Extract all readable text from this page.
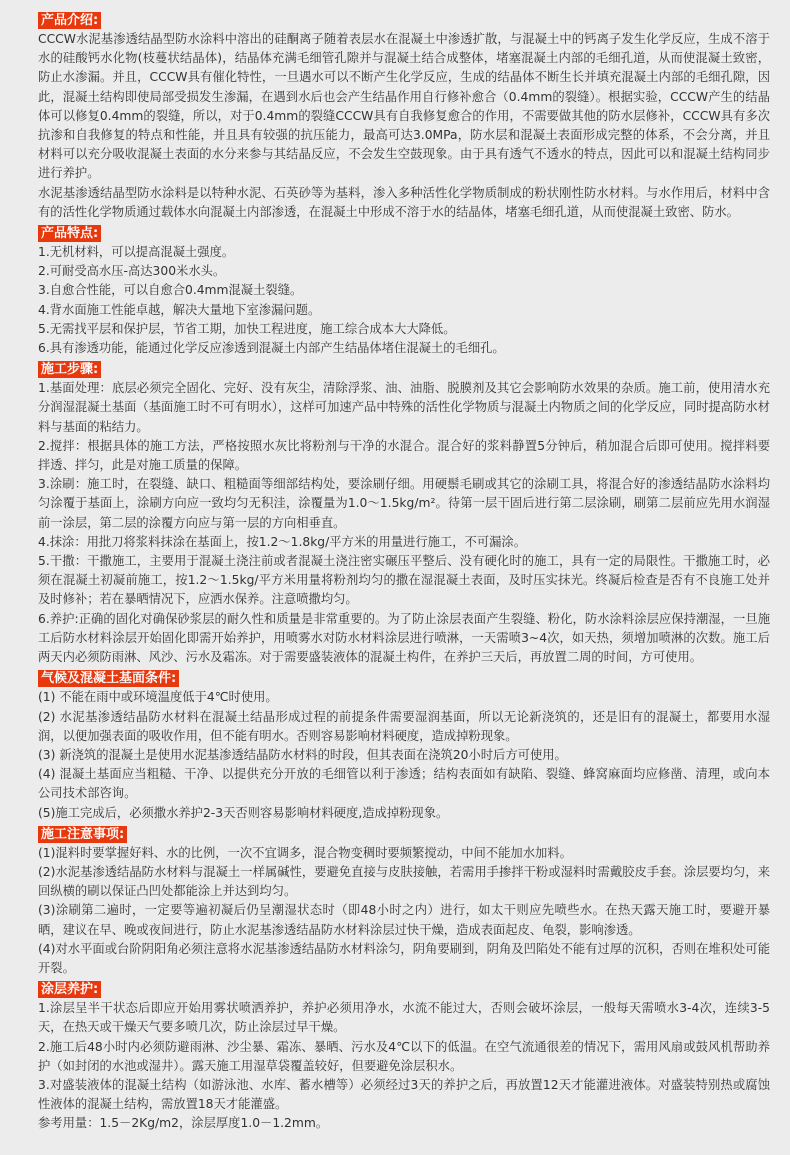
产品介绍:

CCCW水泥基渗透结晶型防水涂料中溶出的硅酮离子随着表层水在混凝土中渗透扩散，与混凝土中的钙离子发生化学反应，生成不溶于水的硅酸钙水化物(枝蔓状结晶体)，结晶体充满毛细管孔隙并与混凝土结合成整体，堵塞混凝土内部的毛细孔道，从而使混凝土致密，防止水渗漏。并且，CCCW具有催化特性，一旦遇水可以不断产生化学反应，生成的结晶体不断生长并填充混凝土内部的毛细孔隙，因此，混凝土结构即使局部受损发生渗漏，在遇到水后也会产生结晶作用自行修补愈合（0.4mm的裂缝）。根据实验，CCCW产生的结晶体可以修复0.4mm的裂缝，所以，对于0.4mm的裂缝CCCW具有自我修复愈合的作用，不需要做其他的防水层修补，CCCW具有多次抗渗和自我修复的特点和性能，并且具有较强的抗压能力，最高可达3.0MPa，防水层和混凝土表面形成完整的体系，不会分离，并且材料可以充分吸收混凝土表面的水分来参与其结晶反应，不会发生空鼓现象。由于具有透气不透水的特点，因此可以和混凝土结构同步进行养护。

水泥基渗透结晶型防水涂料是以特种水泥、石英砂等为基料，渗入多种活性化学物质制成的粉状刚性防水材料。与水作用后，材料中含有的活性化学物质通过载体水向混凝土内部渗透，在混凝土中形成不溶于水的结晶体，堵塞毛细孔道，从而使混凝土致密、防水。

产品特点:

1.无机材料，可以提高混凝土强度。

2.可耐受高水压-高达300米水头。

3.自愈合性能，可以自愈合0.4mm混凝土裂缝。

4.背水面施工性能卓越，解决大量地下室渗漏问题。

5.无需找平层和保护层，节省工期，加快工程进度，施工综合成本大大降低。

6.具有渗透功能，能通过化学反应渗透到混凝土内部产生结晶体堵住混凝土的毛细孔。

施工步骤:

1.基面处理：底层必须完全固化、完好、没有灰尘，清除浮浆、油、油脂、脱膜剂及其它会影响防水效果的杂质。施工前，使用清水充分润湿混凝土基面（基面施工时不可有明水），这样可加速产品中特殊的活性化学物质与混凝土内物质之间的化学反应，同时提高防水材料与基面的粘结力。

2.搅拌：根据具体的施工方法，严格按照水灰比将粉剂与干净的水混合。混合好的浆料静置5分钟后，稍加混合后即可使用。搅拌料要拌透、拌匀，此是对施工质量的保障。

3.涂刷：施工时，在裂缝、缺口、粗糙面等细部结构处，要涂刷仔细。用硬鬃毛刷或其它的涂刷工具，将混合好的渗透结晶防水涂料均匀涂覆于基面上，涂刷方向应一致均匀无积洼，涂覆量为1.0～1.5kg/m²。待第一层干固后进行第二层涂刷，刷第二层前应先用水润湿前一涂层，第二层的涂覆方向应与第一层的方向相垂直。

4.抹涂：用批刀将浆料抹涂在基面上，按1.2～1.8kg/平方米的用量进行施工，不可漏涂。

5.干撒：干撒施工，主要用于混凝土浇注前或者混凝土浇注密实碾压平整后、没有硬化时的施工，具有一定的局限性。干撒施工时，必须在混凝土初凝前施工，按1.2～1.5kg/平方米用量将粉剂均匀的撒在湿混凝土表面，及时压实抹光。终凝后检查是否有不良施工处并及时修补；若在暴晒情况下，应洒水保养。注意喷撒均匀。

6.养护:正确的固化对确保砂浆层的耐久性和质量是非常重要的。为了防止涂层表面产生裂缝、粉化，防水涂料涂层应保持潮湿，一旦施工后防水材料涂层开始固化即需开始养护，用喷雾水对防水材料涂层进行喷淋，一天需喷3~4次，如天热，须增加喷淋的次数。施工后两天内必须防雨淋、风沙、污水及霜冻。对于需要盛装液体的混凝土构件，在养护三天后，再放置二周的时间，方可使用。

气候及混凝土基面条件:

(1) 不能在雨中或环境温度低于4℃时使用。

(2) 水泥基渗透结晶防水材料在混凝土结晶形成过程的前提条件需要湿润基面，所以无论新浇筑的，还是旧有的混凝土，都要用水湿润，以便加强表面的吸收作用，但不能有明水。否则容易影响材料硬度，造成掉粉现象。

(3) 新浇筑的混凝土是使用水泥基渗透结晶防水材料的时段，但其表面在浇筑20小时后方可使用。

(4) 混凝土基面应当粗糙、干净、以提供充分开放的毛细管以利于渗透；结构表面如有缺陷、裂缝、蜂窝麻面均应修凿、清理，或向本公司技术部咨询。

(5)施工完成后，必须撒水养护2-3天否则容易影响材料硬度,造成掉粉现象。

施工注意事项:

(1)混料时要掌握好料、水的比例，一次不宜调多，混合物变稠时要频繁搅动，中间不能加水加料。

(2)水泥基渗透结晶防水材料与混凝土一样属碱性，要避免直接与皮肤接触，若需用手掺拌干粉或湿料时需戴胶皮手套。涂层要均匀，来回纵横的刷以保证凸凹处都能涂上并达到均匀。

(3)涂刷第二遍时，一定要等遍初凝后仍呈潮湿状态时（即48小时之内）进行，如太干则应先喷些水。在热天露天施工时，要避开暴晒，建议在早、晚或夜间进行，防止水泥基渗透结晶防水材料涂层过快干燥，造成表面起皮、龟裂，影响渗透。

(4)对水平面或台阶阴阳角必须注意将水泥基渗透结晶防水材料涂匀，阴角要刷到，阴角及凹陷处不能有过厚的沉积，否则在堆积处可能开裂。

涂层养护:

1.涂层呈半干状态后即应开始用雾状喷洒养护，养护必须用净水，水流不能过大，否则会破坏涂层，一般每天需喷水3-4次，连续3-5天，在热天或干燥天气要多喷几次，防止涂层过早干燥。

2.施工后48小时内必须防避雨淋、沙尘暴、霜冻、暴晒、污水及4℃以下的低温。在空气流通很差的情况下，需用风扇或鼓风机帮助养护（如封闭的水池或湿井）。露天施工用湿草袋覆盖较好，但要避免涂层积水。

3.对盛装液体的混凝土结构（如游泳池、水库、蓄水槽等）必须经过3天的养护之后，再放置12天才能灌进液体。对盛装特别热或腐蚀性液体的混凝土结构，需放置18天才能灌盛。

参考用量：1.5－2Kg/m2，涂层厚度1.0－1.2mm。
